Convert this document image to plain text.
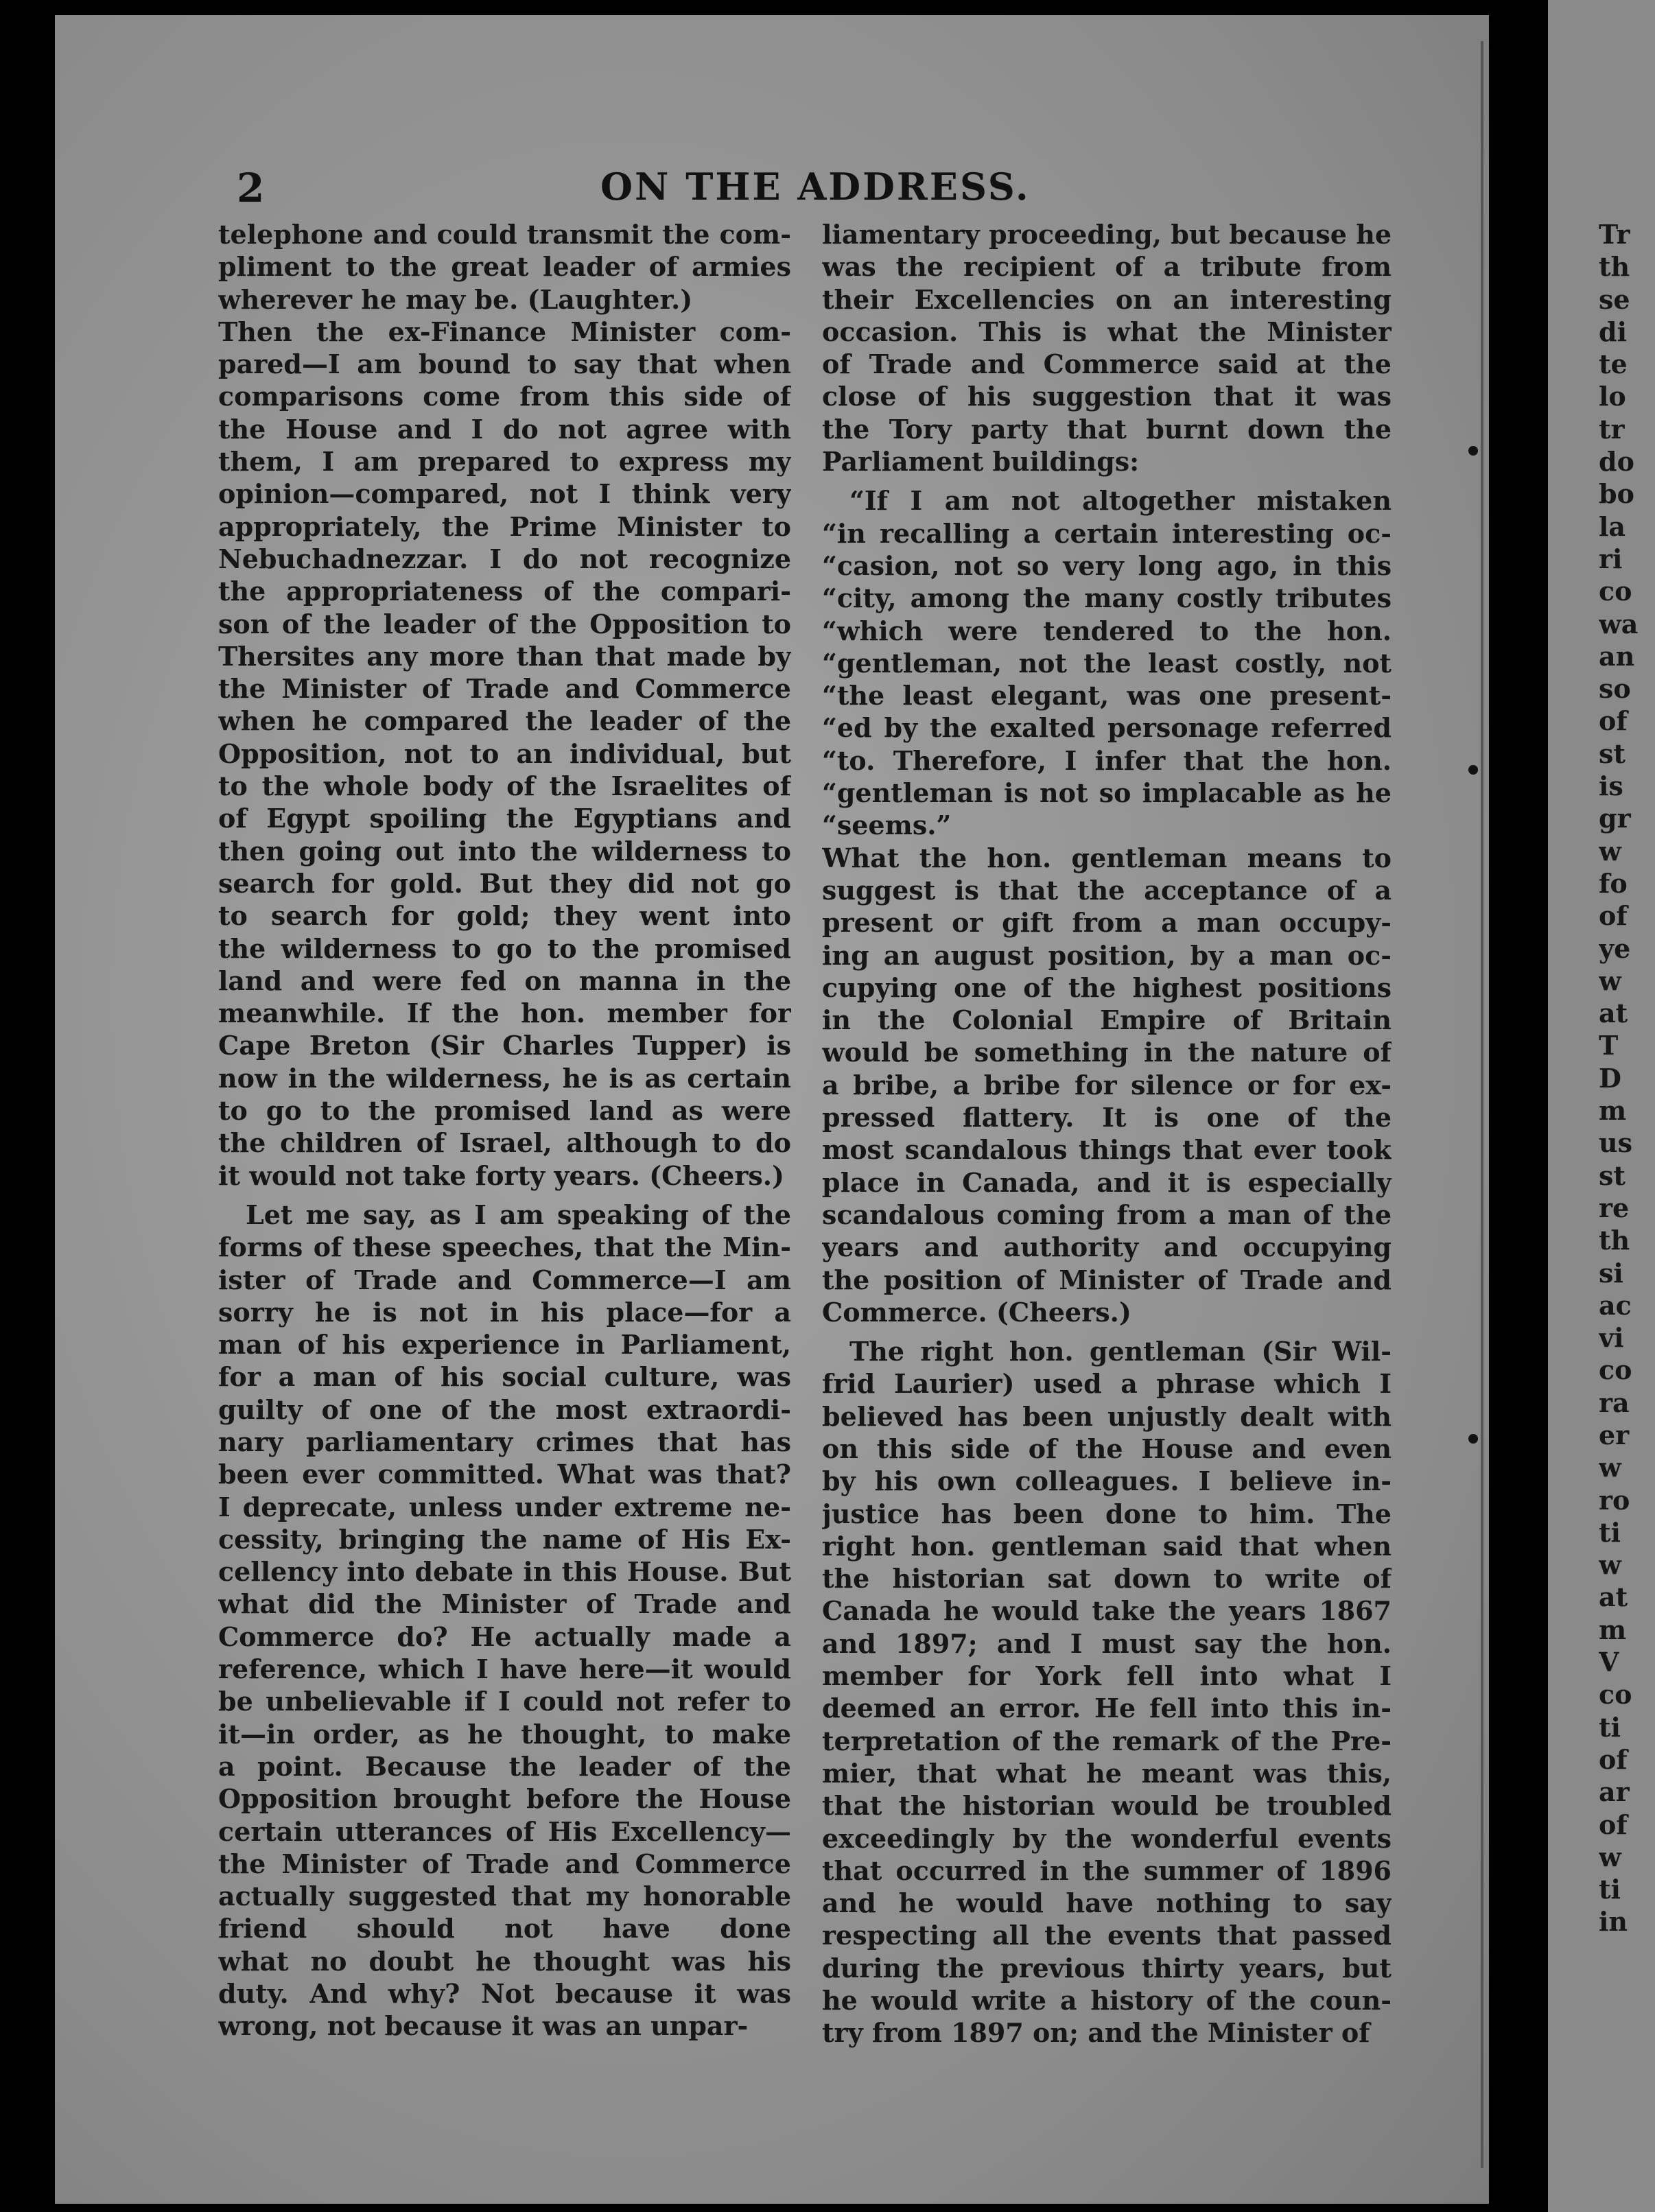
2	ON THE ADDRESS.
telephone and could transmit the com-
pliment to the great leader of armies
wherever he may be. (Laughter.)
Then the ex-Finance Minister com-
pared—I am bound to say that when
comparisons come from this side of
the House and I do not agree with
them, I am prepared to express my
opinion—compared, not I think very
appropriately, the Prime Minister to
Nebuchadnezzar. I do not recognize
the appropriateness of the compari-
son of the leader of the Opposition to
Thersites any more than that made by
the Minister of Trade and Commerce
when he compared the leader of the
Opposition, not to an individual, but
to the whole body of the Israelites of
of Egypt spoiling the Egyptians and
then going out into the wilderness to
search for gold. But they did not go
to search for gold; they went into
the wilderness to go to the promised
land and were fed on manna in the
meanwhile. If the hon. member for
Cape Breton (Sir Charles Tupper) is
now in the wilderness, he is as certain
to go to the promised land as were
the children of Israel, although to do
it would not take forty years. (Cheers.)
Let me say, as I am speaking of the
forms of these speeches, that the Min-
ister of Trade and Commerce—I am
sorry he is not in his place—for a
man of his experience in Parliament,
for a man of his social culture, was
guilty of one of the most extraordi-
nary parliamentary crimes that has
been ever committed. What was that?
I deprecate, unless under extreme ne-
cessity, bringing the name of His Ex-
cellency into debate in this House. But
what did the Minister of Trade and
Commerce do? He actually made a
reference, which I have here—it would
be unbelievable if I could not refer to
it—in order, as he thought, to make
a point. Because the leader of the
Opposition brought before the House
certain utterances of His Excellency—
the Minister of Trade and Commerce
actually suggested that my honorable
friend should not have done
what no doubt he thought was his
duty. And why? Not because it was
wrong, not because it was an unpar-
liamentary proceeding, but because he
was the recipient of a tribute from
their Excellencies on an interesting
occasion. This is what the Minister
of Trade and Commerce said at the
close of his suggestion that it was
the Tory party that burnt down the
Parliament buildings:
“If I am not altogether mistaken
“in recalling a certain interesting oc-
“casion, not so very long ago, in this
“city, among the many costly tributes
“which were tendered to the hon.
“gentleman, not the least costly, not
“the least elegant, was one present-
“ed by the exalted personage referred
“to. Therefore, I infer that the hon.
“gentleman is not so implacable as he
“seems.”
What the hon. gentleman means to
suggest is that the acceptance of a
present or gift from a man occupy-
ing an august position, by a man oc-
cupying one of the highest positions
in the Colonial Empire of Britain
would be something in the nature of
a bribe, a bribe for silence or for ex-
pressed flattery. It is one of the
most scandalous things that ever took
place in Canada, and it is especially
scandalous coming from a man of the
years and authority and occupying
the position of Minister of Trade and
Commerce. (Cheers.)
The right hon. gentleman (Sir Wil-
frid Laurier) used a phrase which I
believed has been unjustly dealt with
on this side of the House and even
by his own colleagues. I believe in-
justice has been done to him. The
right hon. gentleman said that when
the historian sat down to write of
Canada he would take the years 1867
and 1897; and I must say the hon.
member for York fell into what I
deemed an error. He fell into this in-
terpretation of the remark of the Pre-
mier, that what he meant was this,
that the historian would be troubled
exceedingly by the wonderful events
that occurred in the summer of 1896
and he would have nothing to say
respecting all the events that passed
during the previous thirty years, but
he would write a history of the coun-
try from 1897 on; and the Minister of
Tr
th
se
di
te
lo
tr
do
bo
la
ri
co
wa
an
so
of
st
is
gr
w
fo
of
ye
w
at
T
D
m
us
st
re
th
si
ac
vi
co
ra
er
w
ro
ti
w
at
m
V
co
ti
of
ar
of
w
ti
in
